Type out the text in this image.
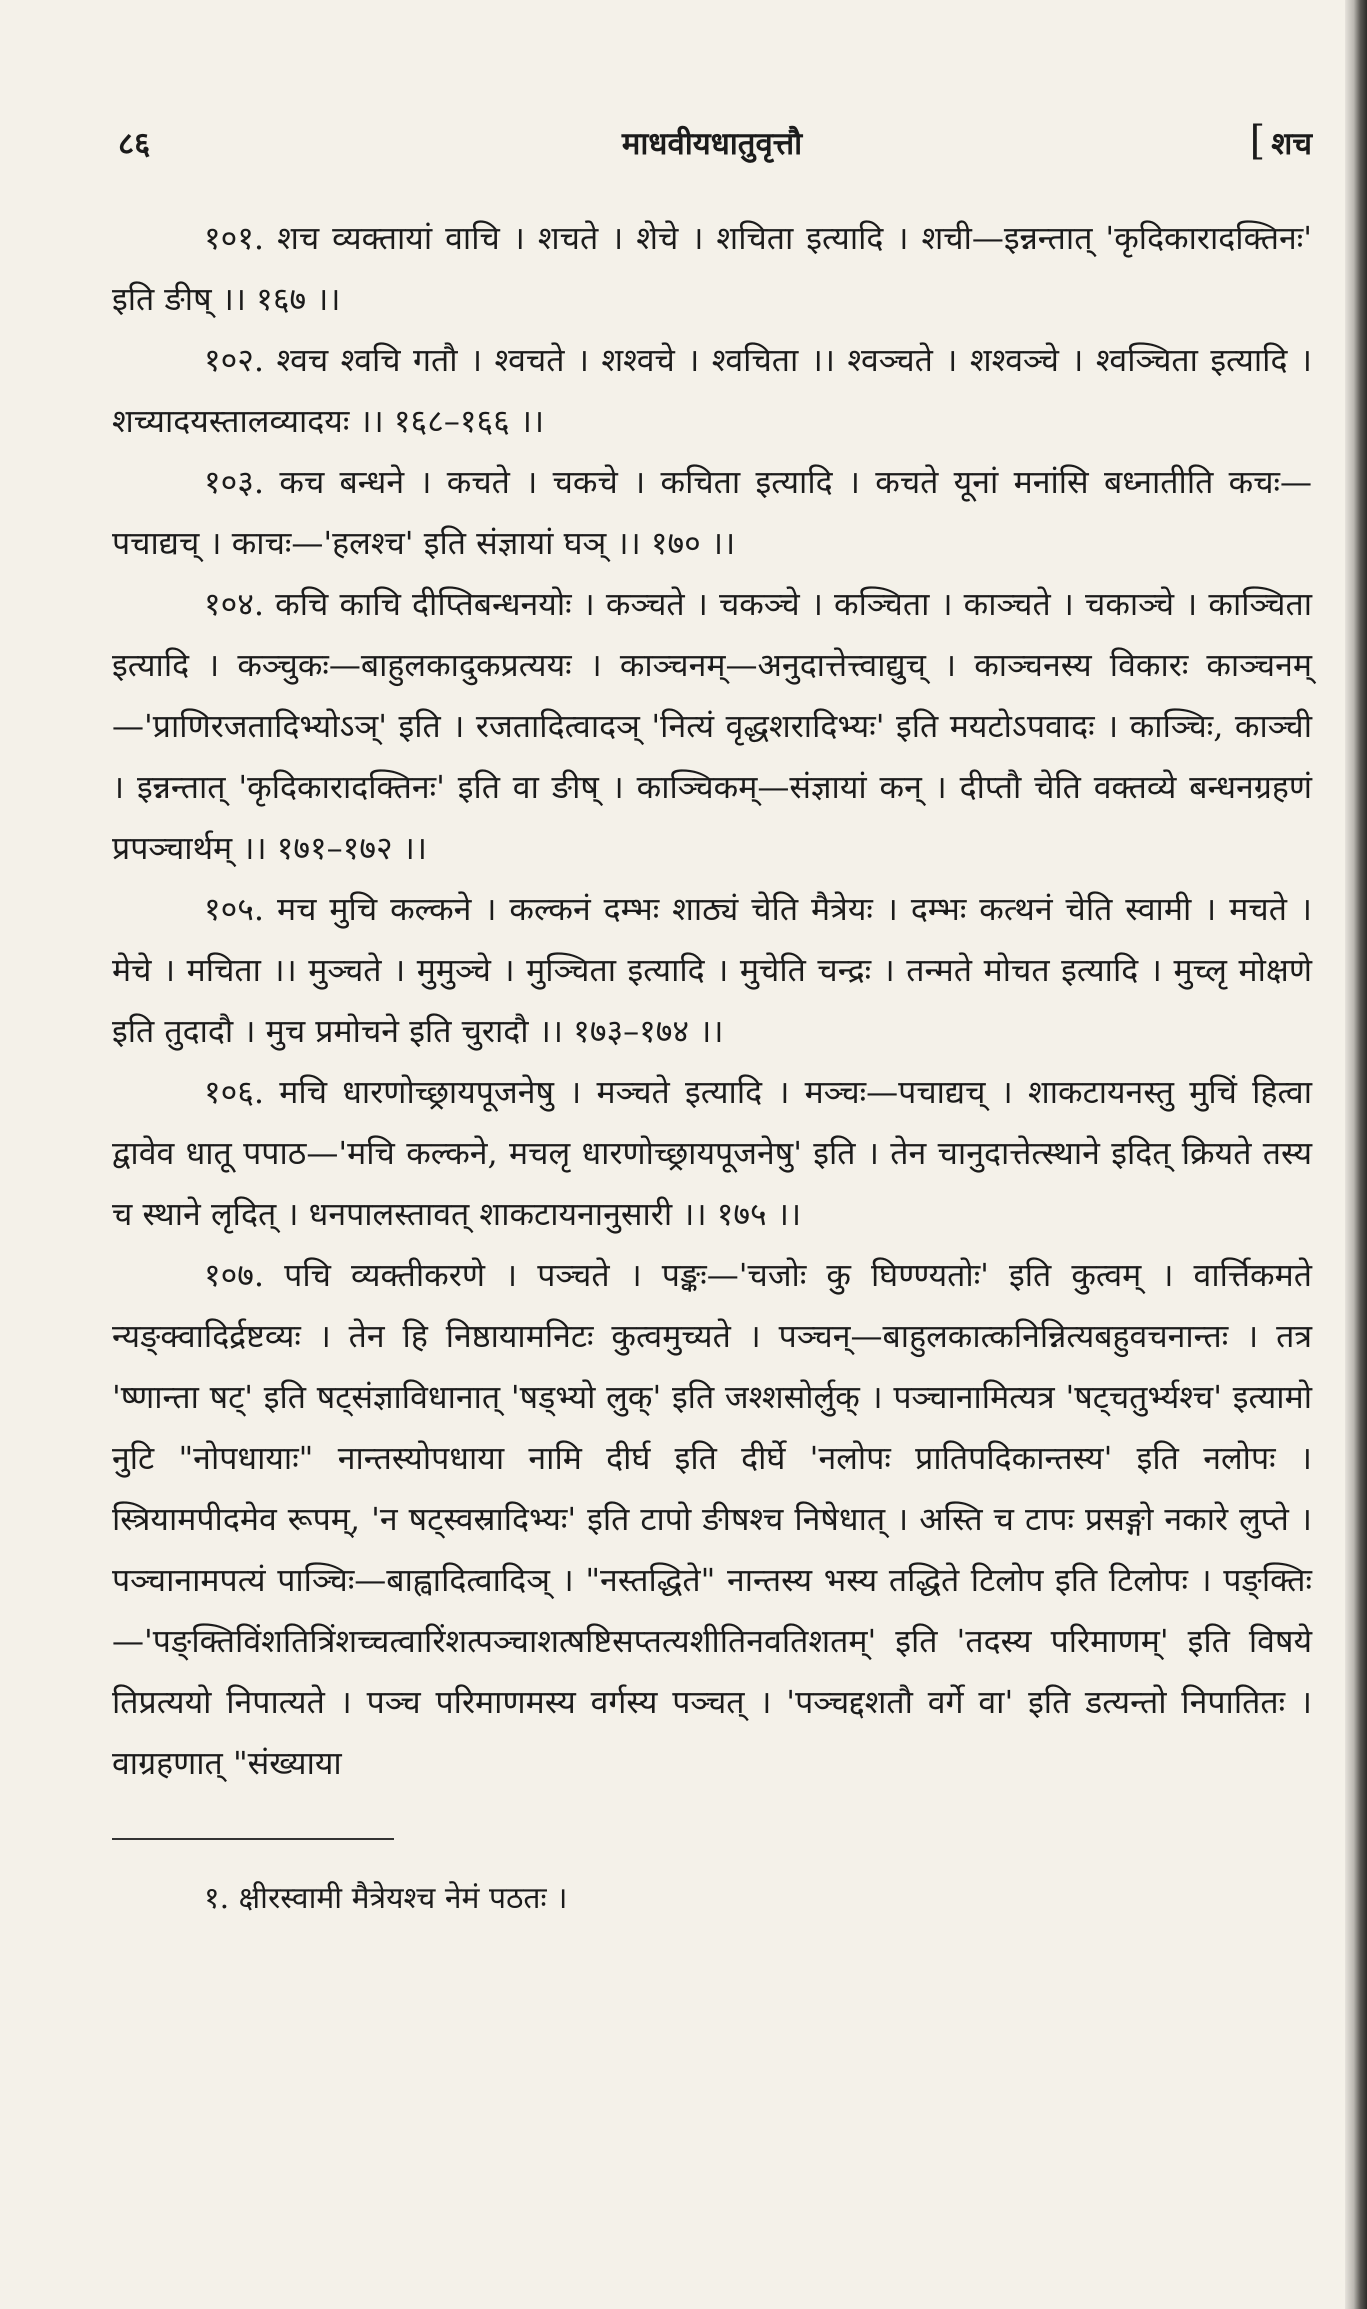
८६	माधवीयधातुवृत्तौ	[ शच

१०१. शच व्यक्तायां वाचि । शचते । शेचे । शचिता इत्यादि । शची—इन्नन्तात् 'कृदिकारादक्तिनः' इति ङीष् ।। १६७ ।।

१०२. श्वच श्वचि गतौ । श्वचते । शश्वचे । श्वचिता ।। श्वञ्चते । शश्वञ्चे । श्वञ्चिता इत्यादि । शच्यादयस्तालव्यादयः ।। १६८–१६६ ।।

१०३. कच बन्धने । कचते । चकचे । कचिता इत्यादि । कचते यूनां मनांसि बध्नातीति कचः—पचाद्यच् । काचः—'हलश्च' इति संज्ञायां घञ् ।। १७० ।।

१०४. कचि काचि दीप्तिबन्धनयोः । कञ्चते । चकञ्चे । कञ्चिता । काञ्चते । चकाञ्चे । काञ्चिता इत्यादि । कञ्चुकः—बाहुलकादुकप्रत्ययः । काञ्चनम्—अनुदात्तेत्त्वाद्युच् । काञ्चनस्य विकारः काञ्चनम्—'प्राणिरजतादिभ्योऽञ्' इति । रजतादित्वादञ् 'नित्यं वृद्धशरादिभ्यः' इति मयटोऽपवादः । काञ्चिः, काञ्ची । इन्नन्तात् 'कृदिकारादक्तिनः' इति वा ङीष् । काञ्चिकम्—संज्ञायां कन् । दीप्तौ चेति वक्तव्ये बन्धनग्रहणं प्रपञ्चार्थम् ।। १७१–१७२ ।।

१०५. मच मुचि कल्कने । कल्कनं दम्भः शाठ्यं चेति मैत्रेयः । दम्भः कत्थनं चेति स्वामी । मचते । मेचे । मचिता ।। मुञ्चते । मुमुञ्चे । मुञ्चिता इत्यादि । मुचेति चन्द्रः । तन्मते मोचत इत्यादि । मुच्लृ मोक्षणे इति तुदादौ । मुच प्रमोचने इति चुरादौ ।। १७३–१७४ ।।

१०६. मचि धारणोच्छ्रायपूजनेषु । मञ्चते इत्यादि । मञ्चः—पचाद्यच् । शाकटायनस्तु मुचिं हित्वा द्वावेव धातू पपाठ—'मचि कल्कने, मचलृ धारणोच्छ्रायपूजनेषु' इति । तेन चानुदात्तेत्स्थाने इदित् क्रियते तस्य च स्थाने लृदित् । धनपालस्तावत् शाकटायनानुसारी ।। १७५ ।।

१०७. पचि व्यक्तीकरणे । पञ्चते । पङ्कः—'चजोः कु घिण्ण्यतोः' इति कुत्वम् । वार्त्तिकमते न्यङ्क्वादिर्द्रष्टव्यः । तेन हि निष्ठायामनिटः कुत्वमुच्यते । पञ्चन्—बाहुलकात्कनिन्नित्यबहुवचनान्तः । तत्र 'ष्णान्ता षट्' इति षट्संज्ञाविधानात् 'षड्भ्यो लुक्' इति जश्शसोर्लुक् । पञ्चानामित्यत्र 'षट्चतुर्भ्यश्च' इत्यामो नुटि "नोपधायाः" नान्तस्योपधाया नामि दीर्घ इति दीर्घे 'नलोपः प्रातिपदिकान्तस्य' इति नलोपः । स्त्रियामपीदमेव रूपम्, 'न षट्स्वस्रादिभ्यः' इति टापो ङीषश्च निषेधात् । अस्ति च टापः प्रसङ्गो नकारे लुप्ते । पञ्चानामपत्यं पाञ्चिः—बाह्वादित्वादिञ् । "नस्तद्धिते" नान्तस्य भस्य तद्धिते टिलोप इति टिलोपः । पङ्क्तिः—'पङ्क्तिविंशतित्रिंशच्चत्वारिंशत्पञ्चाशत्षष्टिसप्तत्यशीतिनवतिशतम्' इति 'तदस्य परिमाणम्' इति विषये तिप्रत्ययो निपात्यते । पञ्च परिमाणमस्य वर्गस्य पञ्चत् । 'पञ्चद्दशतौ वर्गे वा' इति डत्यन्तो निपातितः । वाग्रहणात् "संख्याया

१. क्षीरस्वामी मैत्रेयश्च नेमं पठतः ।
